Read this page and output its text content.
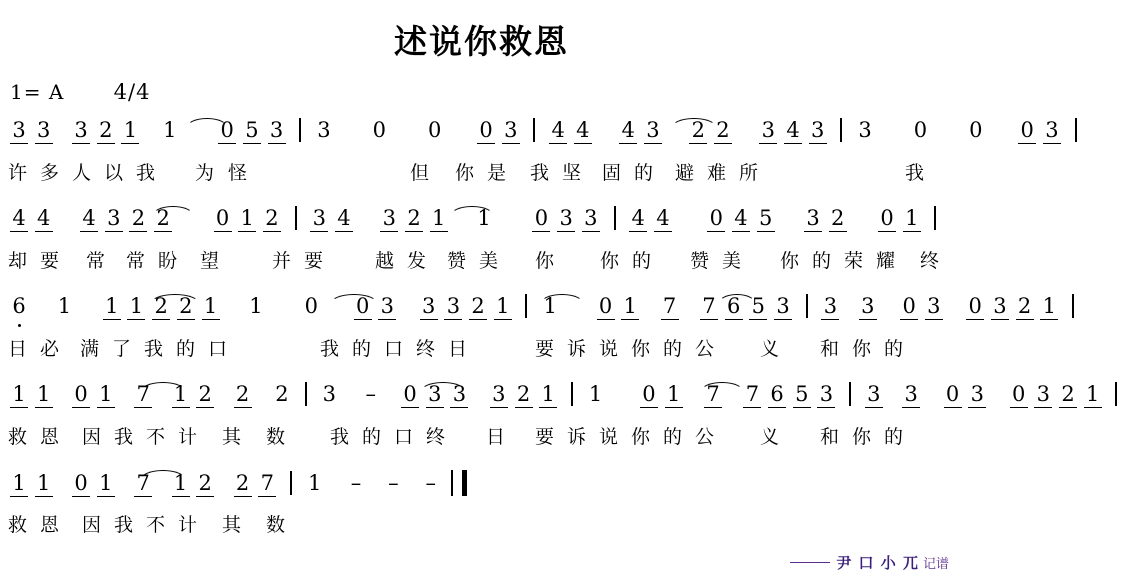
述说你救恩
1= A 4/4
3
3
3
2
1
1
0
5
3
3
0
0
0
3
4
4
4
3
2
2
3
4
3
3
0
0
0
3

许 多 人 以 我 为 怪	但 你 是 我 坚 固 的 避 难 所	我
4
4
4
3
2
2
0
1
2
3
4
3
2
1
1
0
3
3
4
4
0
4
5
3
2
0
1

却 要 常 常 盼 望	并 要	越 发 赞 美 你 你 的 赞 美 你 的 荣 耀 终
6
1
1
1
2
2
1
1
0
0
3
3
3
2
1
1
0
1
7
7
6
5
3
3
3
0
3
0
3
2
1

日 必 满 了 我 的 口	我 的 口 终 日	要 诉 说 你 的 公 义 和 你 的
1
1
0
1
7
1
2
2
2
3
–
0
3
3
3
2
1
1
0
1
7
7
6
5
3
3
3
0
3
0
3
2
1

救 恩 因 我 不 计 其 数 我 的 口 终 日 要 诉 说 你 的 公 义 和 你 的
1
1
0
1
7
1
2
2
7
1
–
–
–

救 恩 因 我 不 计 其 数
尹 口 小 兀 记谱
